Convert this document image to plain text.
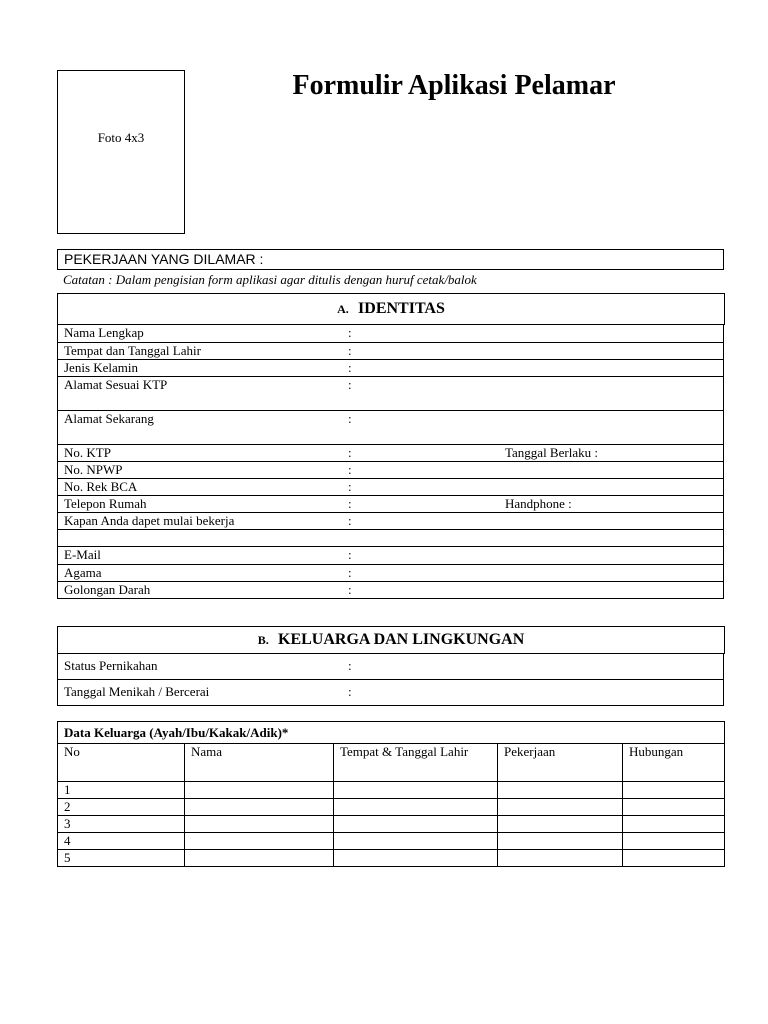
Foto 4x3
Formulir Aplikasi Pelamar
PEKERJAAN YANG DILAMAR :
Catatan : Dalam pengisian form aplikasi agar ditulis dengan huruf cetak/balok
A. IDENTITAS
Nama Lengkap	:
Tempat dan Tanggal Lahir	:
Jenis Kelamin	:
Alamat Sesuai KTP	:
Alamat Sekarang	:
No. KTP	:	Tanggal Berlaku :
No. NPWP	:
No. Rek BCA	:
Telepon Rumah	:	Handphone :
Kapan Anda dapet mulai bekerja	:
E-Mail	:
Agama	:
Golongan Darah	:
B. KELUARGA DAN LINGKUNGAN
Status Pernikahan	:
Tanggal Menikah / Bercerai	:
Data Keluarga (Ayah/Ibu/Kakak/Adik)*				
No	Nama	Tempat & Tanggal Lahir	Pekerjaan	Hubungan
1				
2				
3				
4				
5				
